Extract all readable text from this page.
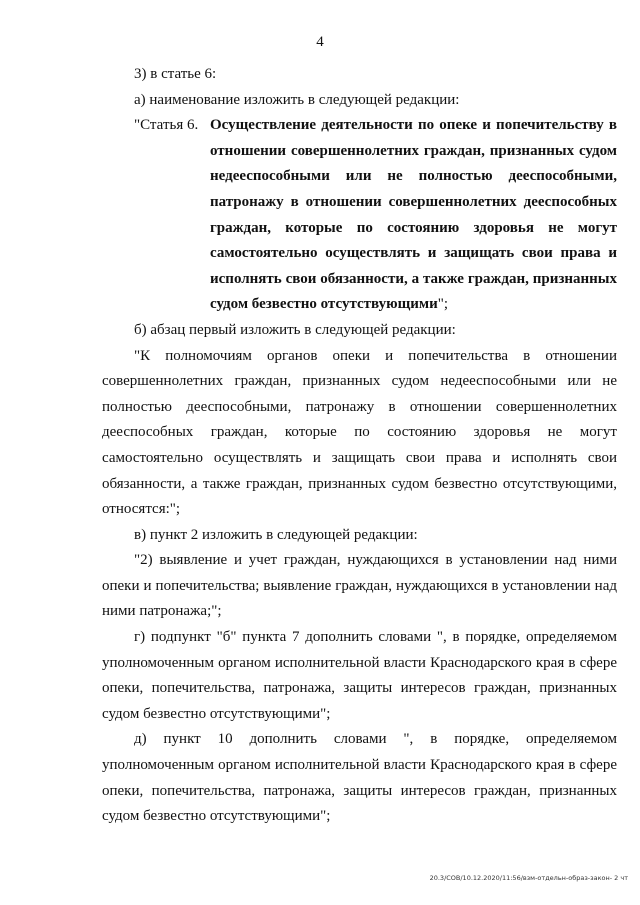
4

3) в статье 6:

а) наименование изложить в следующей редакции:

"Статья 6. Осуществление деятельности по опеке и попечительству в отношении совершеннолетних граждан, признанных судом недееспособными или не полностью дееспособными, патронажу в отношении совершеннолетних дееспособных граждан, которые по состоянию здоровья не могут самостоятельно осуществлять и защищать свои права и исполнять свои обязанности, а также граждан, признанных судом безвестно отсутствующими";

б) абзац первый изложить в следующей редакции:

"К полномочиям органов опеки и попечительства в отношении совершеннолетних граждан, признанных судом недееспособными или не полностью дееспособными, патронажу в отношении совершеннолетних дееспособных граждан, которые по состоянию здоровья не могут самостоятельно осуществлять и защищать свои права и исполнять свои обязанности, а также граждан, признанных судом безвестно отсутствующими, относятся:";

в) пункт 2 изложить в следующей редакции:

"2) выявление и учет граждан, нуждающихся в установлении над ними опеки и попечительства; выявление граждан, нуждающихся в установлении над ними патронажа;";

г) подпункт "б" пункта 7 дополнить словами ", в порядке, определяемом уполномоченным органом исполнительной власти Краснодарского края в сфере опеки, попечительства, патронажа, защиты интересов граждан, признанных судом безвестно отсутствующими";

д) пункт 10 дополнить словами ", в порядке, определяемом уполномоченным органом исполнительной власти Краснодарского края в сфере опеки, попечительства, патронажа, защиты интересов граждан, признанных судом безвестно отсутствующими";

20.3/СОВ/10.12.2020/11:56/взм-отдельн-образ-закон- 2 чт
